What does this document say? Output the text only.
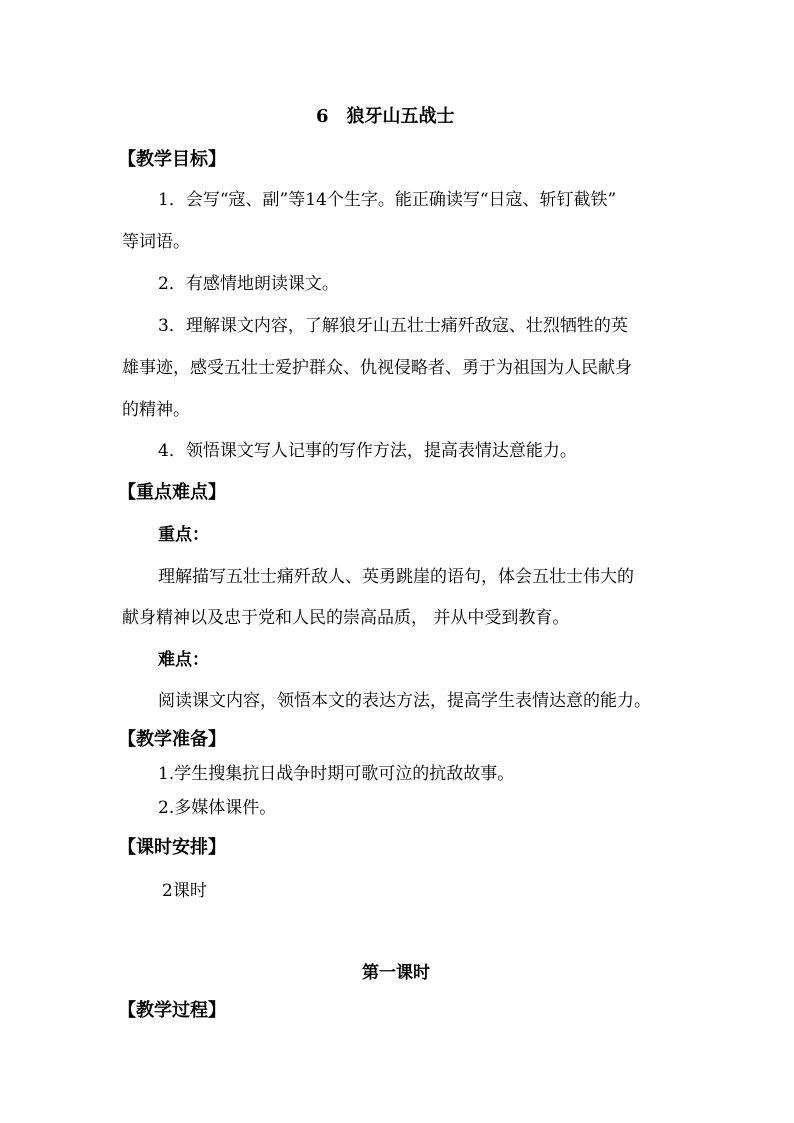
6 狼牙山五战士
【教学目标】
1．会写“寇、副”等14个生字。能正确读写“日寇、斩钉截铁”
等词语。
2．有感情地朗读课文。
3．理解课文内容，了解狼牙山五壮士痛歼敌寇、壮烈牺牲的英
雄事迹，感受五壮士爱护群众、仇视侵略者、勇于为祖国为人民献身
的精神。
4．领悟课文写人记事的写作方法，提高表情达意能力。
【重点难点】
重点：
理解描写五壮士痛歼敌人、英勇跳崖的语句，体会五壮士伟大的
献身精神以及忠于党和人民的崇高品质， 并从中受到教育。
难点：
阅读课文内容，领悟本文的表达方法，提高学生表情达意的能力。
【教学准备】
1.学生搜集抗日战争时期可歌可泣的抗敌故事。
2.多媒体课件。
【课时安排】
2课时
第一课时
【教学过程】
